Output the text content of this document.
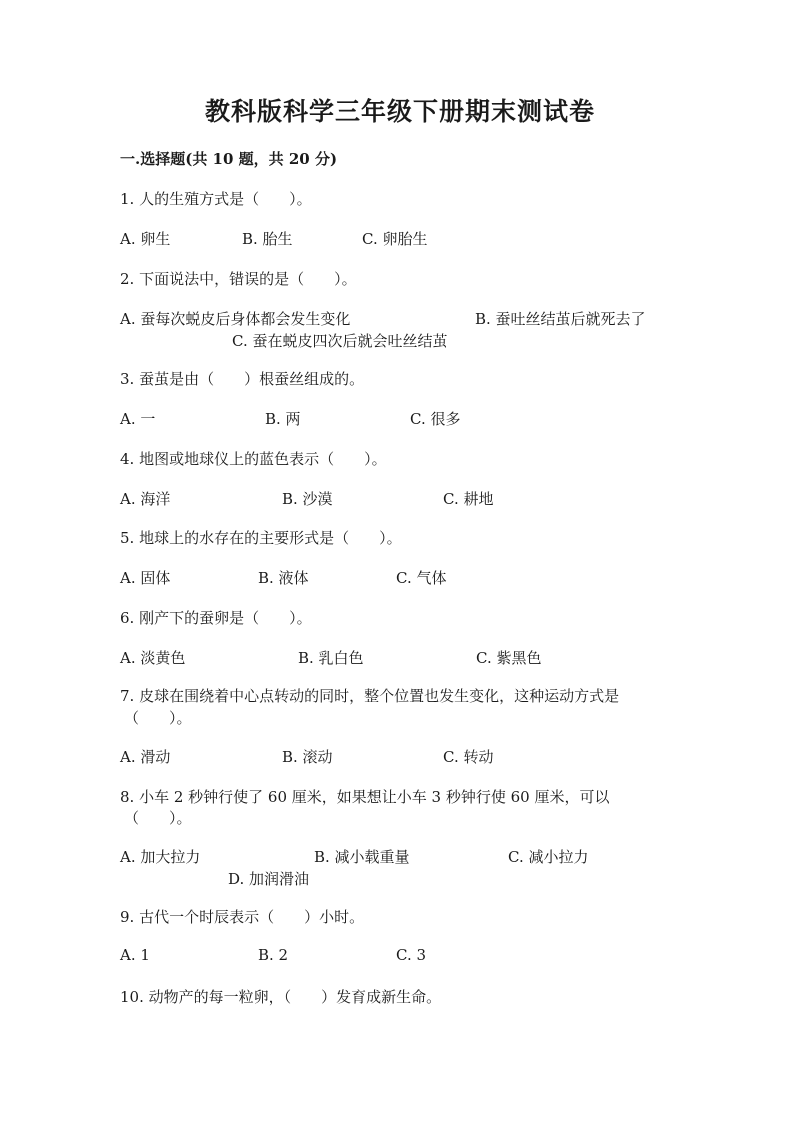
教科版科学三年级下册期末测试卷
一.选择题(共 10 题，共 20 分)
1. 人的生殖方式是（　　）。
A. 卵生	B. 胎生	C. 卵胎生
2. 下面说法中，错误的是（　　）。
A. 蚕每次蜕皮后身体都会发生变化	B. 蚕吐丝结茧后就死去了
C. 蚕在蜕皮四次后就会吐丝结茧
3. 蚕茧是由（　　）根蚕丝组成的。
A. 一	B. 两	C. 很多
4. 地图或地球仪上的蓝色表示（　　）。
A. 海洋	B. 沙漠	C. 耕地
5. 地球上的水存在的主要形式是（　　）。
A. 固体	B. 液体	C. 气体
6. 刚产下的蚕卵是（　　）。
A. 淡黄色	B. 乳白色	C. 紫黑色
7. 皮球在围绕着中心点转动的同时，整个位置也发生变化，这种运动方式是
（　　）。
A. 滑动	B. 滚动	C. 转动
8. 小车 2 秒钟行使了 60 厘米，如果想让小车 3 秒钟行使 60 厘米，可以
（　　）。
A. 加大拉力	B. 减小载重量	C. 减小拉力
D. 加润滑油
9. 古代一个时辰表示（　　）小时。
A. 1	B. 2	C. 3
10. 动物产的每一粒卵，（　　）发育成新生命。
